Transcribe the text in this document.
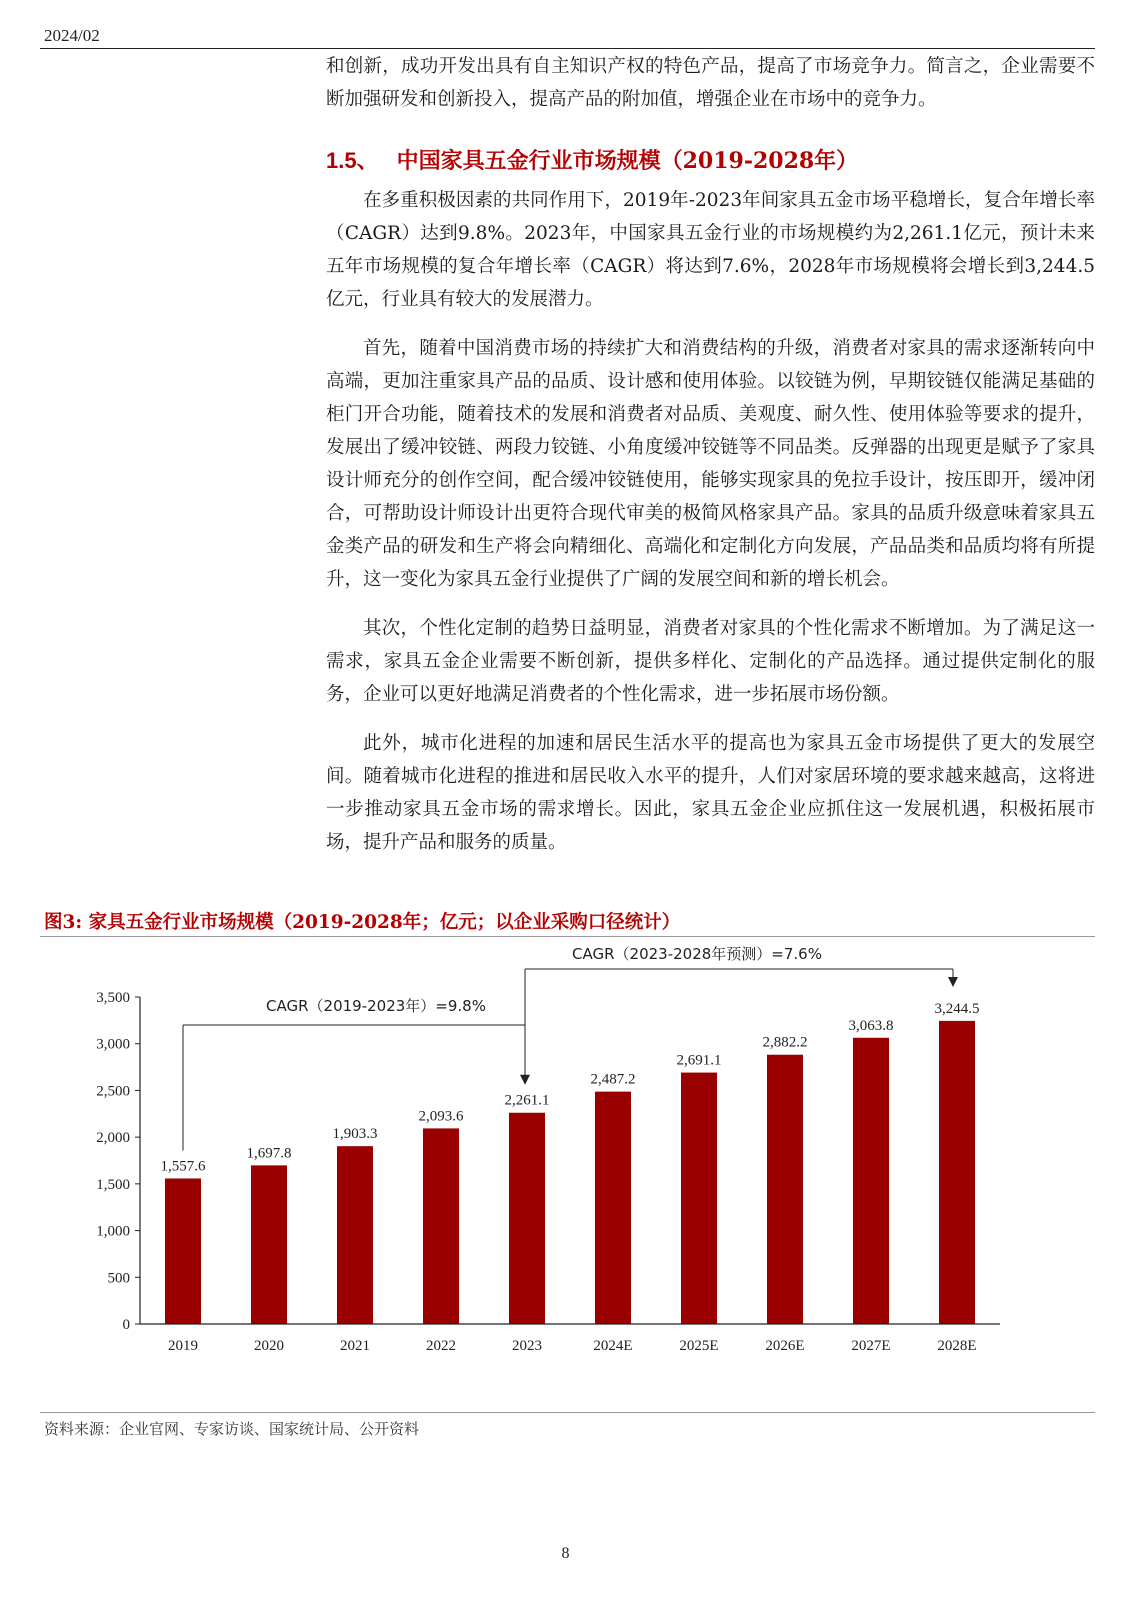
2024/02

和创新，成功开发出具有自主知识产权的特色产品，提高了市场竞争力。简言之，企业需要不断加强研发和创新投入，提高产品的附加值，增强企业在市场中的竞争力。

1.5、 中国家具五金行业市场规模（2019-2028年）

在多重积极因素的共同作用下，2019年-2023年间家具五金市场平稳增长，复合年增长率（CAGR）达到9.8%。2023年，中国家具五金行业的市场规模约为2,261.1亿元，预计未来五年市场规模的复合年增长率（CAGR）将达到7.6%，2028年市场规模将会增长到3,244.5亿元，行业具有较大的发展潜力。

首先，随着中国消费市场的持续扩大和消费结构的升级，消费者对家具的需求逐渐转向中高端，更加注重家具产品的品质、设计感和使用体验。以铰链为例，早期铰链仅能满足基础的柜门开合功能，随着技术的发展和消费者对品质、美观度、耐久性、使用体验等要求的提升，发展出了缓冲铰链、两段力铰链、小角度缓冲铰链等不同品类。反弹器的出现更是赋予了家具设计师充分的创作空间，配合缓冲铰链使用，能够实现家具的免拉手设计，按压即开，缓冲闭合，可帮助设计师设计出更符合现代审美的极简风格家具产品。家具的品质升级意味着家具五金类产品的研发和生产将会向精细化、高端化和定制化方向发展，产品品类和品质均将有所提升，这一变化为家具五金行业提供了广阔的发展空间和新的增长机会。

其次，个性化定制的趋势日益明显，消费者对家具的个性化需求不断增加。为了满足这一需求，家具五金企业需要不断创新，提供多样化、定制化的产品选择。通过提供定制化的服务，企业可以更好地满足消费者的个性化需求，进一步拓展市场份额。

此外，城市化进程的加速和居民生活水平的提高也为家具五金市场提供了更大的发展空间。随着城市化进程的推进和居民收入水平的提升，人们对家居环境的要求越来越高，这将进一步推动家具五金市场的需求增长。因此，家具五金企业应抓住这一发展机遇，积极拓展市场，提升产品和服务的质量。

图3: 家具五金行业市场规模（2019-2028年；亿元；以企业采购口径统计）
0
500
1,000
1,500
2,000
2,500
3,000
3,500
1,557.6
1,697.8
1,903.3
2,093.6
2,261.1
2,487.2
2,691.1
2,882.2
3,063.8
3,244.5
2019	2020	2021	2022	2023	2024E	2025E	2026E	2027E	2028E
CAGR（2019-2023年）=9.8%
CAGR（2023-2028年预测）=7.6%
资料来源：企业官网、专家访谈、国家统计局、公开资料
8
